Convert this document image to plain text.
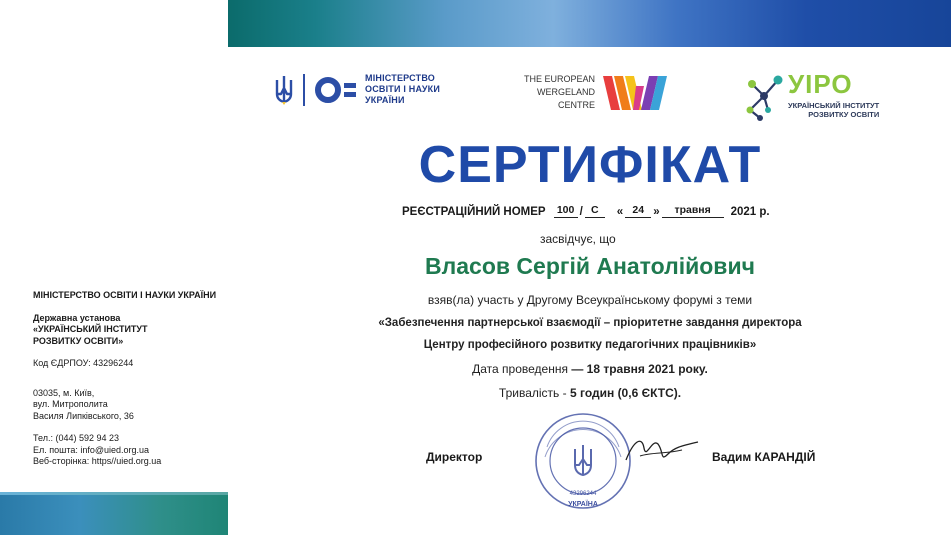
МІНІСТЕРСТВО
ОСВІТИ І НАУКИ
УКРАЇНИ
THE EUROPEAN
WERGELAND
CENTRE
УІРО
УКРАЇНСЬКИЙ ІНСТИТУТ
РОЗВИТКУ ОСВІТИ
СЕРТИФІКАТ
РЕЄСТРАЦІЙНИЙ НОМЕР	100 / С	« 24 »	травня	2021 р.
засвідчує, що
Власов Сергій Анатолійович
взяв(ла) участь у Другому Всеукраїнському форумі з теми
«Забезпечення партнерської взаємодії – пріоритетне завдання директора
Центру професійного розвитку педагогічних працівників»
Дата проведення — 18 травня 2021 року.
Тривалість - 5 годин (0,6 ЄКТС).
43296244
УКРАЇНА
Директор	Вадим КАРАНДІЙ
МІНІСТЕРСТВО ОСВІТИ І НАУКИ УКРАЇНИ
Державна установа
«УКРАЇНСЬКИЙ ІНСТИТУТ
РОЗВИТКУ ОСВІТИ»
Код ЄДРПОУ: 43296244
03035, м. Київ,
вул. Митрополита
Василя Липківського, 36
Тел.: (044) 592 94 23
Ел. пошта: info@uied.org.ua
Веб-сторінка: https//uied.org.ua
